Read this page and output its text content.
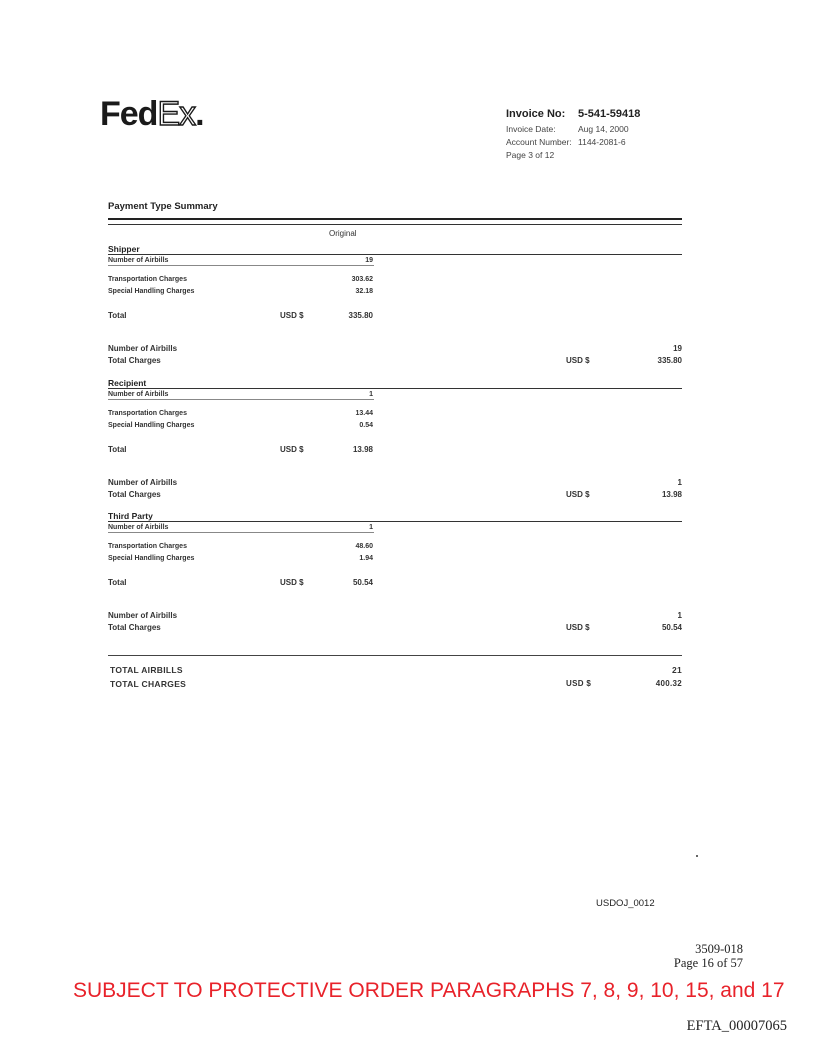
FedEx.	Invoice No: 5-541-59418
Invoice Date:	Aug 14, 2000
Account Number: 1144-2081-6
Page 3 of 12
Payment Type Summary
Original
Shipper
Number of Airbills	19
Transportation Charges	303.62
Special Handling Charges	32.18
Total	USD $	335.80
Number of Airbills	19
Total Charges	USD $	335.80
Recipient
Number of Airbills	1
Transportation Charges	13.44
Special Handling Charges	0.54
Total	USD $	13.98
Number of Airbills	1
Total Charges	USD $	13.98
Third Party
Number of Airbills	1
Transportation Charges	48.60
Special Handling Charges	1.94
Total	USD $	50.54
Number of Airbills	1
Total Charges	USD $	50.54
TOTAL AIRBILLS	21
TOTAL CHARGES	USD $	400.32
USDOJ_0012
3509-018
Page 16 of 57
SUBJECT TO PROTECTIVE ORDER PARAGRAPHS 7, 8, 9, 10, 15, and 17
EFTA_00007065
